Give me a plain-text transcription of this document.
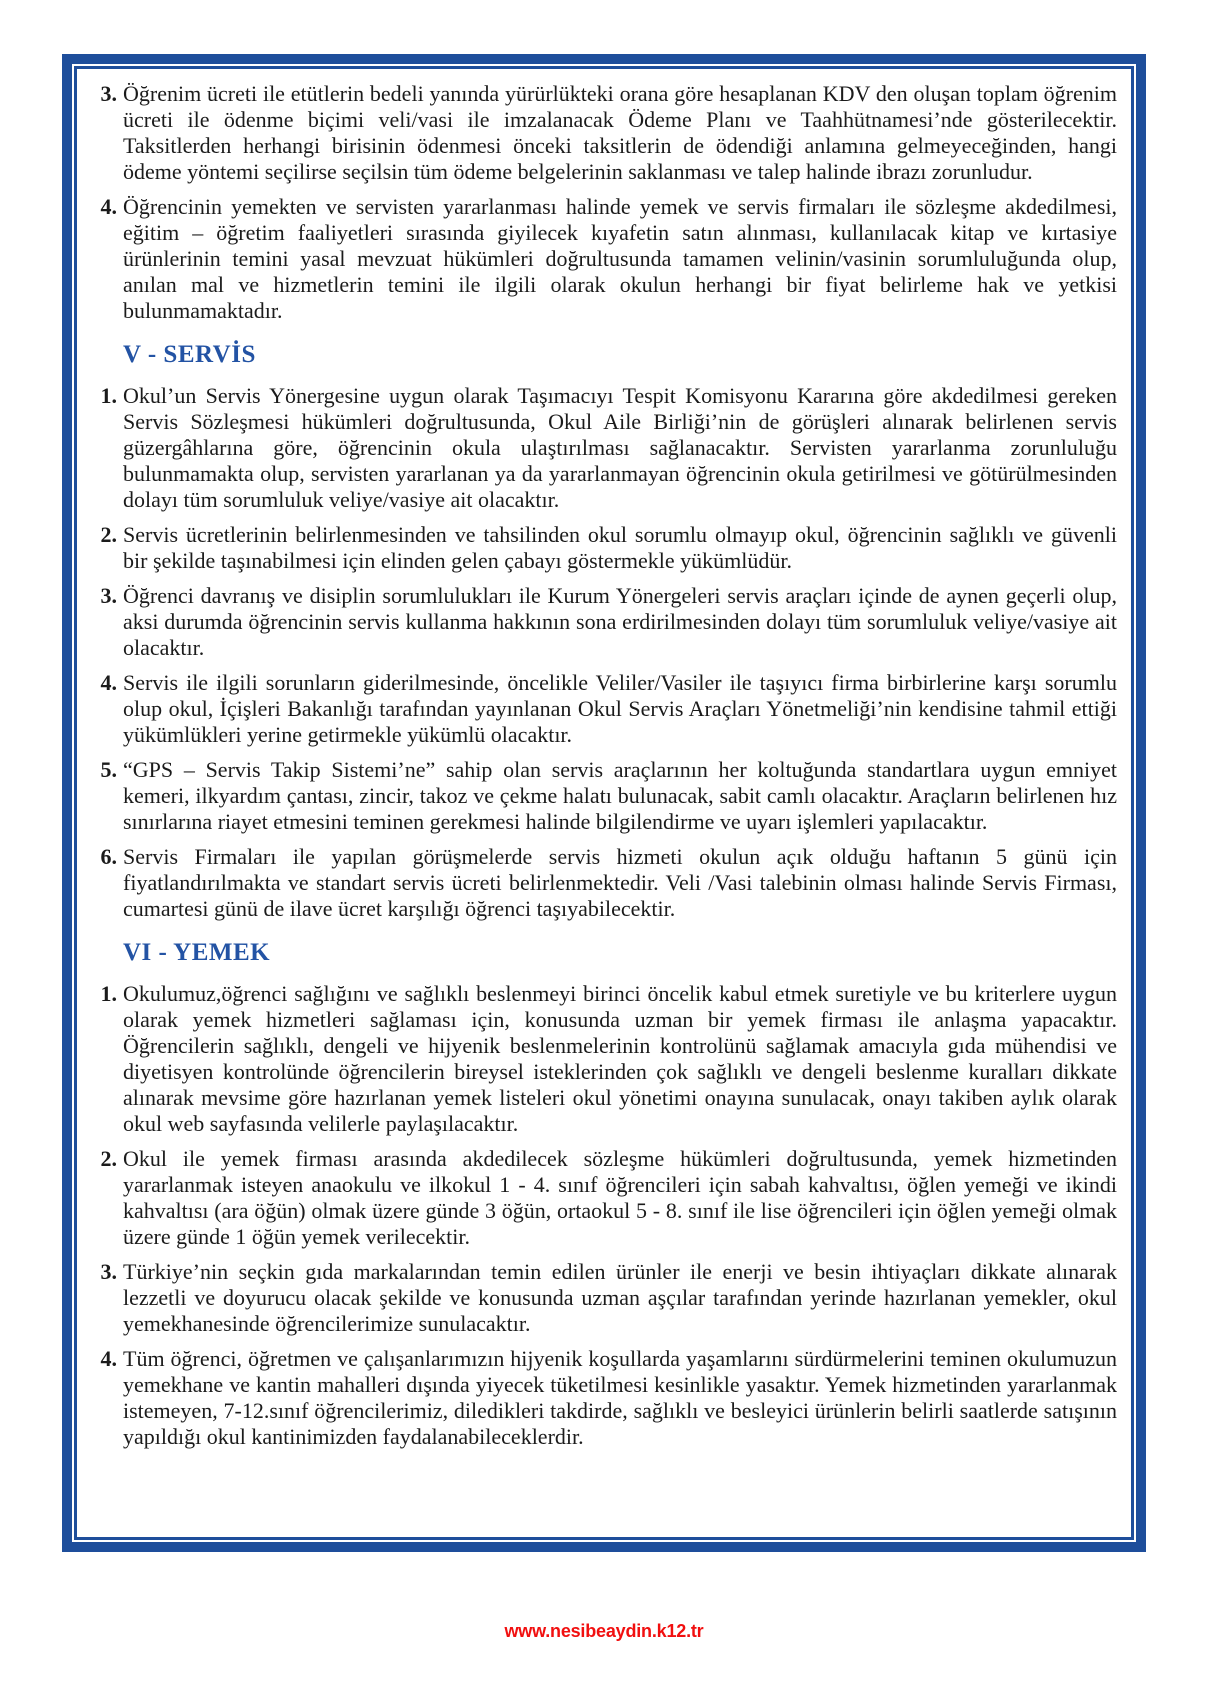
3. Öğrenim ücreti ile etütlerin bedeli yanında yürürlükteki orana göre hesaplanan KDV den oluşan toplam öğrenim ücreti ile ödenme biçimi veli/vasi ile imzalanacak Ödeme Planı ve Taahhütnamesi’nde gösterilecektir. Taksitlerden herhangi birisinin ödenmesi önceki taksitlerin de ödendiği anlamına gelmeyeceğinden, hangi ödeme yöntemi seçilirse seçilsin tüm ödeme belgelerinin saklanması ve talep halinde ibrazı zorunludur.
4. Öğrencinin yemekten ve servisten yararlanması halinde yemek ve servis firmaları ile sözleşme akdedilmesi, eğitim – öğretim faaliyetleri sırasında giyilecek kıyafetin satın alınması, kullanılacak kitap ve kırtasiye ürünlerinin temini yasal mevzuat hükümleri doğrultusunda tamamen velinin/vasinin sorumluluğunda olup, anılan mal ve hizmetlerin temini ile ilgili olarak okulun herhangi bir fiyat belirleme hak ve yetkisi bulunmamaktadır.
V - SERVİS
1. Okul’un Servis Yönergesine uygun olarak Taşımacıyı Tespit Komisyonu Kararına göre akdedilmesi gereken Servis Sözleşmesi hükümleri doğrultusunda, Okul Aile Birliği’nin de görüşleri alınarak belirlenen servis güzergâhlarına göre, öğrencinin okula ulaştırılması sağlanacaktır. Servisten yararlanma zorunluluğu bulunmamakta olup, servisten yararlanan ya da yararlanmayan öğrencinin okula getirilmesi ve götürülmesinden dolayı tüm sorumluluk veliye/vasiye ait olacaktır.
2. Servis ücretlerinin belirlenmesinden ve tahsilinden okul sorumlu olmayıp okul, öğrencinin sağlıklı ve güvenli bir şekilde taşınabilmesi için elinden gelen çabayı göstermekle yükümlüdür.
3. Öğrenci davranış ve disiplin sorumlulukları ile Kurum Yönergeleri servis araçları içinde de aynen geçerli olup, aksi durumda öğrencinin servis kullanma hakkının sona erdirilmesinden dolayı tüm sorumluluk veliye/vasiye ait olacaktır.
4. Servis ile ilgili sorunların giderilmesinde, öncelikle Veliler/Vasiler ile taşıyıcı firma birbirlerine karşı sorumlu olup okul, İçişleri Bakanlığı tarafından yayınlanan Okul Servis Araçları Yönetmeliği’nin kendisine tahmil ettiği yükümlükleri yerine getirmekle yükümlü olacaktır.
5. “GPS – Servis Takip Sistemi’ne” sahip olan servis araçlarının her koltuğunda standartlara uygun emniyet kemeri, ilkyardım çantası, zincir, takoz ve çekme halatı bulunacak, sabit camlı olacaktır. Araçların belirlenen hız sınırlarına riayet etmesini teminen gerekmesi halinde bilgilendirme ve uyarı işlemleri yapılacaktır.
6. Servis Firmaları ile yapılan görüşmelerde servis hizmeti okulun açık olduğu haftanın 5 günü için fiyatlandırılmakta ve standart servis ücreti belirlenmektedir. Veli /Vasi talebinin olması halinde Servis Firması, cumartesi günü de ilave ücret karşılığı öğrenci taşıyabilecektir.
VI - YEMEK
1. Okulumuz,öğrenci sağlığını ve sağlıklı beslenmeyi birinci öncelik kabul etmek suretiyle ve bu kriterlere uygun olarak yemek hizmetleri sağlaması için, konusunda uzman bir yemek firması ile anlaşma yapacaktır. Öğrencilerin sağlıklı, dengeli ve hijyenik beslenmelerinin kontrolünü sağlamak amacıyla gıda mühendisi ve diyetisyen kontrolünde öğrencilerin bireysel isteklerinden çok sağlıklı ve dengeli beslenme kuralları dikkate alınarak mevsime göre hazırlanan yemek listeleri okul yönetimi onayına sunulacak, onayı takiben aylık olarak okul web sayfasında velilerle paylaşılacaktır.
2. Okul ile yemek firması arasında akdedilecek sözleşme hükümleri doğrultusunda, yemek hizmetinden yararlanmak isteyen anaokulu ve ilkokul 1 - 4. sınıf öğrencileri için sabah kahvaltısı, öğlen yemeği ve ikindi kahvaltısı (ara öğün) olmak üzere günde 3 öğün, ortaokul 5 - 8. sınıf ile lise öğrencileri için öğlen yemeği olmak üzere günde 1 öğün yemek verilecektir.
3. Türkiye’nin seçkin gıda markalarından temin edilen ürünler ile enerji ve besin ihtiyaçları dikkate alınarak lezzetli ve doyurucu olacak şekilde ve konusunda uzman aşçılar tarafından yerinde hazırlanan yemekler, okul yemekhanesinde öğrencilerimize sunulacaktır.
4. Tüm öğrenci, öğretmen ve çalışanlarımızın hijyenik koşullarda yaşamlarını sürdürmelerini teminen okulumuzun yemekhane ve kantin mahalleri dışında yiyecek tüketilmesi kesinlikle yasaktır. Yemek hizmetinden yararlanmak istemeyen, 7-12.sınıf öğrencilerimiz, diledikleri takdirde, sağlıklı ve besleyici ürünlerin belirli saatlerde satışının yapıldığı okul kantinimizden faydalanabileceklerdir.
www.nesibeaydin.k12.tr
